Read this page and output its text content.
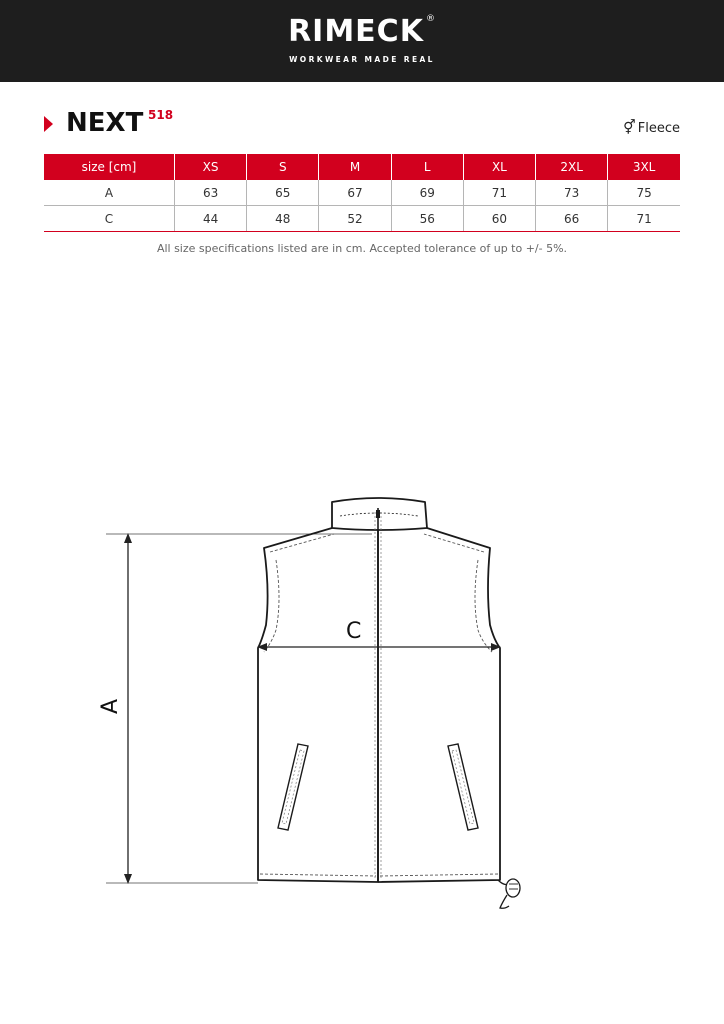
RIMECK ®
WORKWEAR MADE REAL
NEXT 518
⚥ Fleece
size [cm]	XS	S	M	L	XL	2XL	3XL
A	63	65	67	69	71	73	75
C	44	48	52	56	60	66	71
All size specifications listed are in cm. Accepted tolerance of up to +/- 5%.
C
A
